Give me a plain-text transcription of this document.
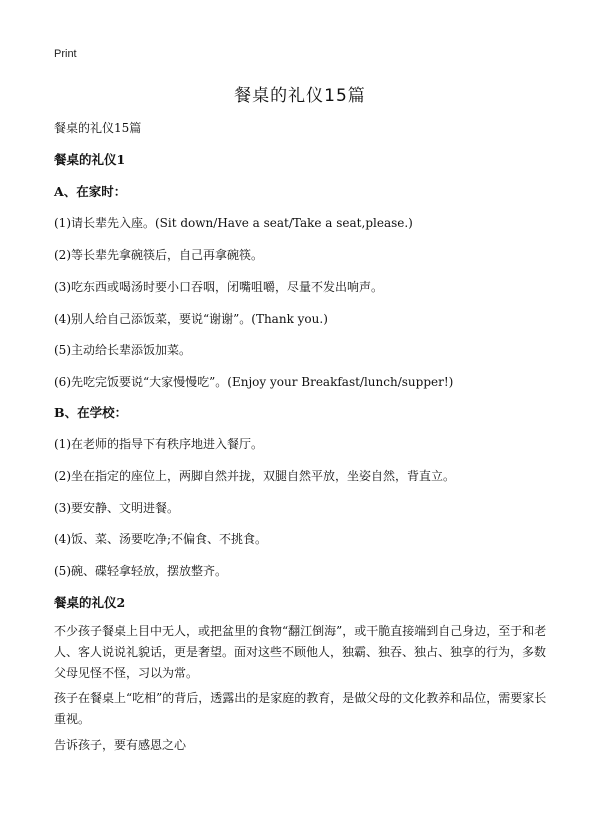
Print
餐桌的礼仪15篇
餐桌的礼仪15篇
餐桌的礼仪1
A、在家时：
(1)请长辈先入座。(Sit down/Have a seat/Take a seat,please.)
(2)等长辈先拿碗筷后，自己再拿碗筷。
(3)吃东西或喝汤时要小口吞咽，闭嘴咀嚼，尽量不发出响声。
(4)别人给自己添饭菜，要说“谢谢”。(Thank you.)
(5)主动给长辈添饭加菜。
(6)先吃完饭要说“大家慢慢吃”。(Enjoy your Breakfast/lunch/supper!)
B、在学校：
(1)在老师的指导下有秩序地进入餐厅。
(2)坐在指定的座位上，两脚自然并拢，双腿自然平放，坐姿自然，背直立。
(3)要安静、文明进餐。
(4)饭、菜、汤要吃净;不偏食、不挑食。
(5)碗、碟轻拿轻放，摆放整齐。
餐桌的礼仪2
不少孩子餐桌上目中无人，或把盆里的食物“翻江倒海”，或干脆直接端到自己身边，至于和老人、客人说说礼貌话，更是奢望。面对这些不顾他人，独霸、独吞、独占、独享的行为，多数父母见怪不怪，习以为常。
孩子在餐桌上“吃相”的背后，透露出的是家庭的教育，是做父母的文化教养和品位，需要家长重视。
告诉孩子，要有感恩之心
